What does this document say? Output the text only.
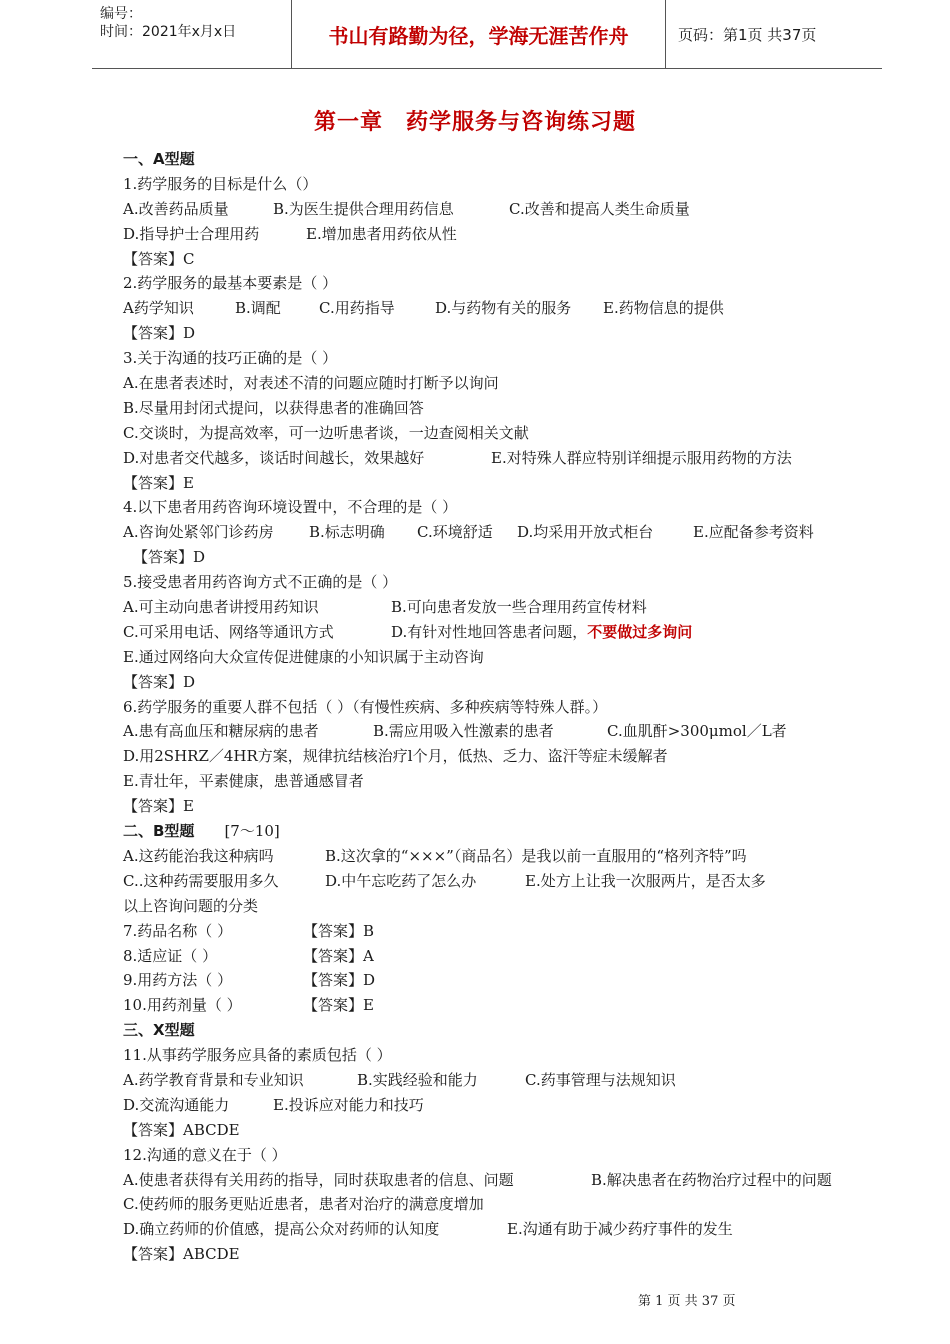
编号：
时间：2021年x月x日	书山有路勤为径，学海无涯苦作舟	页码：第1页 共37页
第一章　药学服务与咨询练习题
一、A型题
1.药学服务的目标是什么（）
A.改善药品质量	B.为医生提供合理用药信息	C.改善和提高人类生命质量
D.指导护士合理用药	E.增加患者用药依从性
【答案】C
2.药学服务的最基本要素是（ ）
A药学知识	B.调配	C.用药指导	D.与药物有关的服务 E.药物信息的提供
【答案】D
3.关于沟通的技巧正确的是（ ）
A.在患者表述时，对表述不清的问题应随时打断予以询问
B.尽量用封闭式提问，以获得患者的准确回答
C.交谈时，为提高效率，可一边听患者谈，一边查阅相关文献
D.对患者交代越多，谈话时间越长，效果越好	E.对特殊人群应特别详细提示服用药物的方法
【答案】E
4.以下患者用药咨询环境设置中，不合理的是（ ）
A.咨询处紧邻门诊药房 B.标志明确 C.环境舒适 D.均采用开放式柜台	E.应配备参考资料
【答案】D
5.接受患者用药咨询方式不正确的是（ ）
A.可主动向患者讲授用药知识	B.可向患者发放一些合理用药宣传材料
C.可采用电话、网络等通讯方式	D.有针对性地回答患者问题，不要做过多询问
E.通过网络向大众宣传促进健康的小知识属于主动咨询
【答案】D
6.药学服务的重要人群不包括（ ）（有慢性疾病、多种疾病等特殊人群。）
A.患有高血压和糖尿病的患者	B.需应用吸入性激素的患者	C.血肌酐>300μmol／L者
D.用2SHRZ／4HR方案，规律抗结核治疗l个月，低热、乏力、盗汗等症未缓解者
E.青壮年，平素健康，患普通感冒者
【答案】E
二、B型题 [7～10]
A.这药能治我这种病吗	B.这次拿的“×××”（商品名）是我以前一直服用的“格列齐特”吗
C..这种药需要服用多久	D.中午忘吃药了怎么办	E.处方上让我一次服两片，是否太多
以上咨询问题的分类
7.药品名称（ ）	【答案】B
8.适应证（ ）	【答案】A
9.用药方法（ ）	【答案】D
10.用药剂量（ ）	【答案】E
三、X型题
11.从事药学服务应具备的素质包括（ ）
A.药学教育背景和专业知识	B.实践经验和能力	C.药事管理与法规知识
D.交流沟通能力	E.投诉应对能力和技巧
【答案】ABCDE
12.沟通的意义在于（ ）
A.使患者获得有关用药的指导，同时获取患者的信息、问题	B.解决患者在药物治疗过程中的问题
C.使药师的服务更贴近患者，患者对治疗的满意度增加
D.确立药师的价值感，提高公众对药师的认知度	E.沟通有助于减少药疗事件的发生
【答案】ABCDE
第 1 页 共 37 页
